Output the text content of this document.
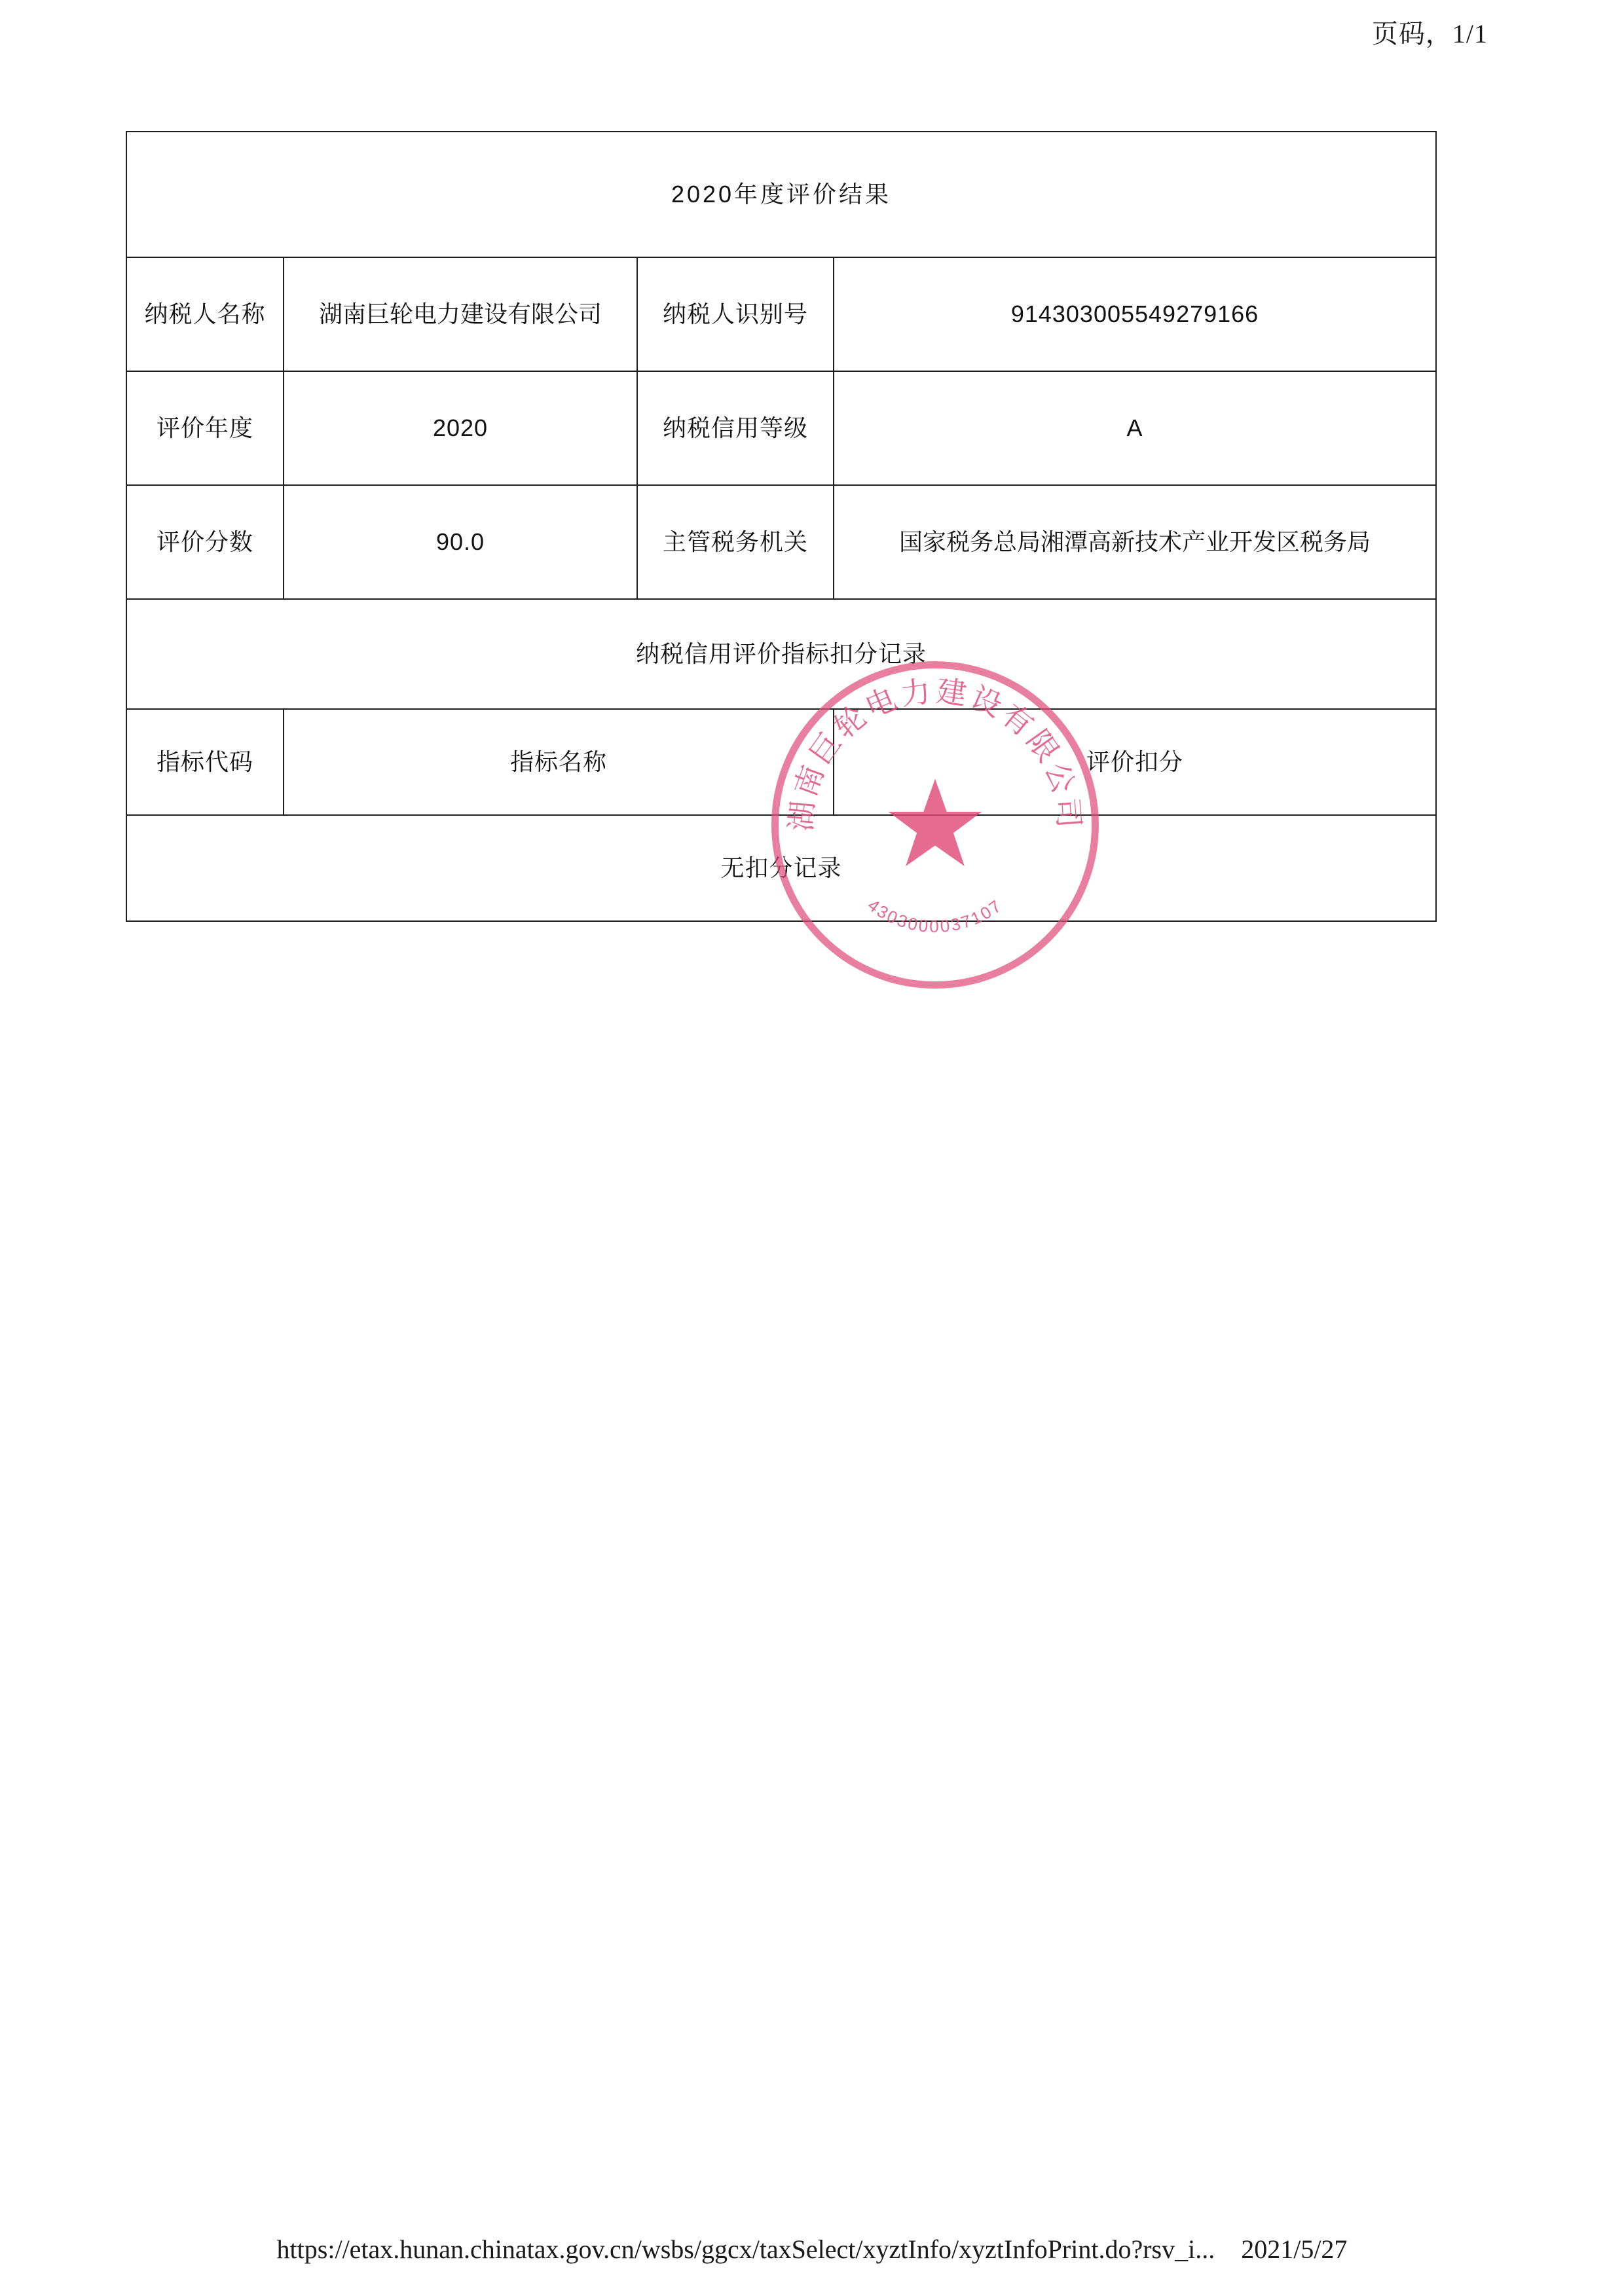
页码，1/1
2020年度评价结果			
纳税人名称	湖南巨轮电力建设有限公司	纳税人识别号	914303005549279166
评价年度	2020	纳税信用等级	A
评价分数	90.0	主管税务机关	国家税务总局湘潭高新技术产业开发区税务局
纳税信用评价指标扣分记录			
指标代码	指标名称		评价扣分
无扣分记录			
湖南巨轮电力建设有限公司
4303000037107
https://etax.hunan.chinatax.gov.cn/wsbs/ggcx/taxSelect/xyztInfo/xyztInfoPrint.do?rsv_i... 2021/5/27
